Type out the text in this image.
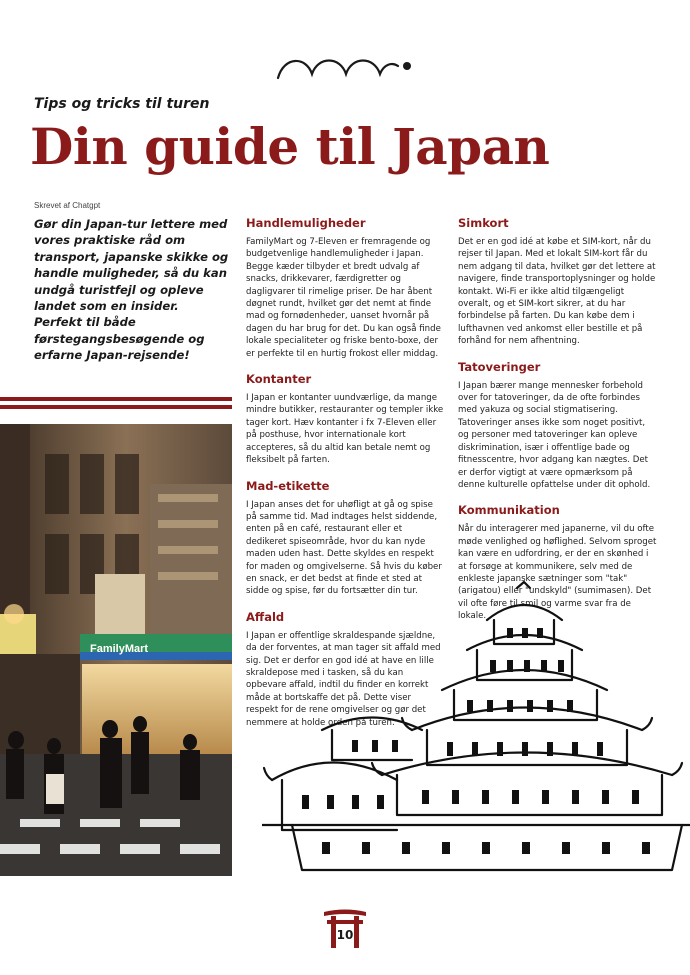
Tips og tricks til turen
Din guide til Japan
Skrevet af Chatgpt

Gør din Japan-tur lettere med vores praktiske råd om transport, japanske skikke og handle muligheder, så du kan undgå turistfejl og opleve landet som en insider. Perfekt til både førstegangsbesøgende og erfarne Japan-rejsende!

FamilyMart
Handlemuligheder

FamilyMart og 7-Eleven er fremragende og budgetvenlige handlemuligheder i Japan. Begge kæder tilbyder et bredt udvalg af snacks, drikkevarer, færdigretter og dagligvarer til rimelige priser. De har åbent døgnet rundt, hvilket gør det nemt at finde mad og fornødenheder, uanset hvornår på dagen du har brug for det. Du kan også finde lokale specialiteter og friske bento-boxe, der er perfekte til en hurtig frokost eller middag.

Kontanter

I Japan er kontanter uundværlige, da mange mindre butikker, restauranter og templer ikke tager kort. Hæv kontanter i fx 7-Eleven eller på posthuse, hvor internationale kort accepteres, så du altid kan betale nemt og fleksibelt på farten.

Mad-etikette

I Japan anses det for uhøfligt at gå og spise på samme tid. Mad indtages helst siddende, enten på en café, restaurant eller et dedikeret spiseområde, hvor du kan nyde maden uden hast. Dette skyldes en respekt for maden og omgivelserne. Så hvis du køber en snack, er det bedst at finde et sted at sidde og spise, før du fortsætter din tur.

Affald

I Japan er offentlige skraldespande sjældne, da der forventes, at man tager sit affald med sig. Det er derfor en god idé at have en lille skraldepose med i tasken, så du kan opbevare affald, indtil du finder en korrekt måde at bortskaffe det på. Dette viser respekt for de rene omgivelser og gør det nemmere at holde orden på turen.

Simkort

Det er en god idé at købe et SIM-kort, når du rejser til Japan. Med et lokalt SIM-kort får du nem adgang til data, hvilket gør det lettere at navigere, finde transportoplysninger og holde kontakt. Wi-Fi er ikke altid tilgængeligt overalt, og et SIM-kort sikrer, at du har forbindelse på farten. Du kan købe dem i lufthavnen ved ankomst eller bestille et på forhånd for nem afhentning.

Tatoveringer

I Japan bærer mange mennesker forbehold over for tatoveringer, da de ofte forbindes med yakuza og social stigmatisering. Tatoveringer anses ikke som noget positivt, og personer med tatoveringer kan opleve diskrimination, især i offentlige bade og fitnesscentre, hvor adgang kan nægtes. Det er derfor vigtigt at være opmærksom på denne kulturelle opfattelse under dit ophold.

Kommunikation

Når du interagerer med japanerne, vil du ofte møde venlighed og høflighed. Selvom sproget kan være en udfordring, er der en skønhed i at forsøge at kommunikere, selv med de enkleste japanske sætninger som "tak" (arigatou) eller "undskyld" (sumimasen). Det vil ofte føre til smil og varme svar fra de lokale.

10
